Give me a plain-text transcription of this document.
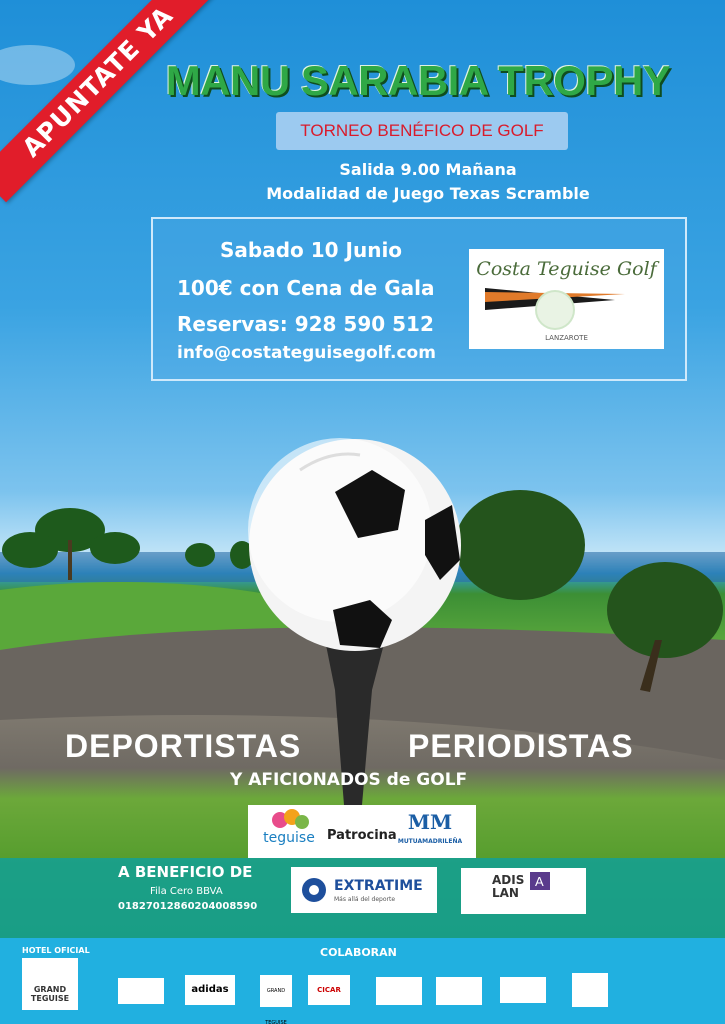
APUNTATE YA
MANU SARABIA TROPHY
TORNEO BENÉFICO DE GOLF
Salida 9.00 Mañana
Modalidad de Juego Texas Scramble
Sabado 10 Junio
100€ con Cena de Gala
Reservas: 928 590 512
info@costateguisegolf.com
Costa Teguise Golf
LANZAROTE
DEPORTISTAS	PERIODISTAS
Y AFICIONADOS de GOLF
teguise Patrocina
MM
MUTUAMADRILEÑA
A BENEFICIO DE
Fila Cero BBVA
01827012860204008590
EXTRATIME
Más allá del deporte
ADIS LAN
A
HOTEL OFICIAL
GRAND TEGUISE
COLABORAN
adidas	GRAND TEGUISE
CICAR
